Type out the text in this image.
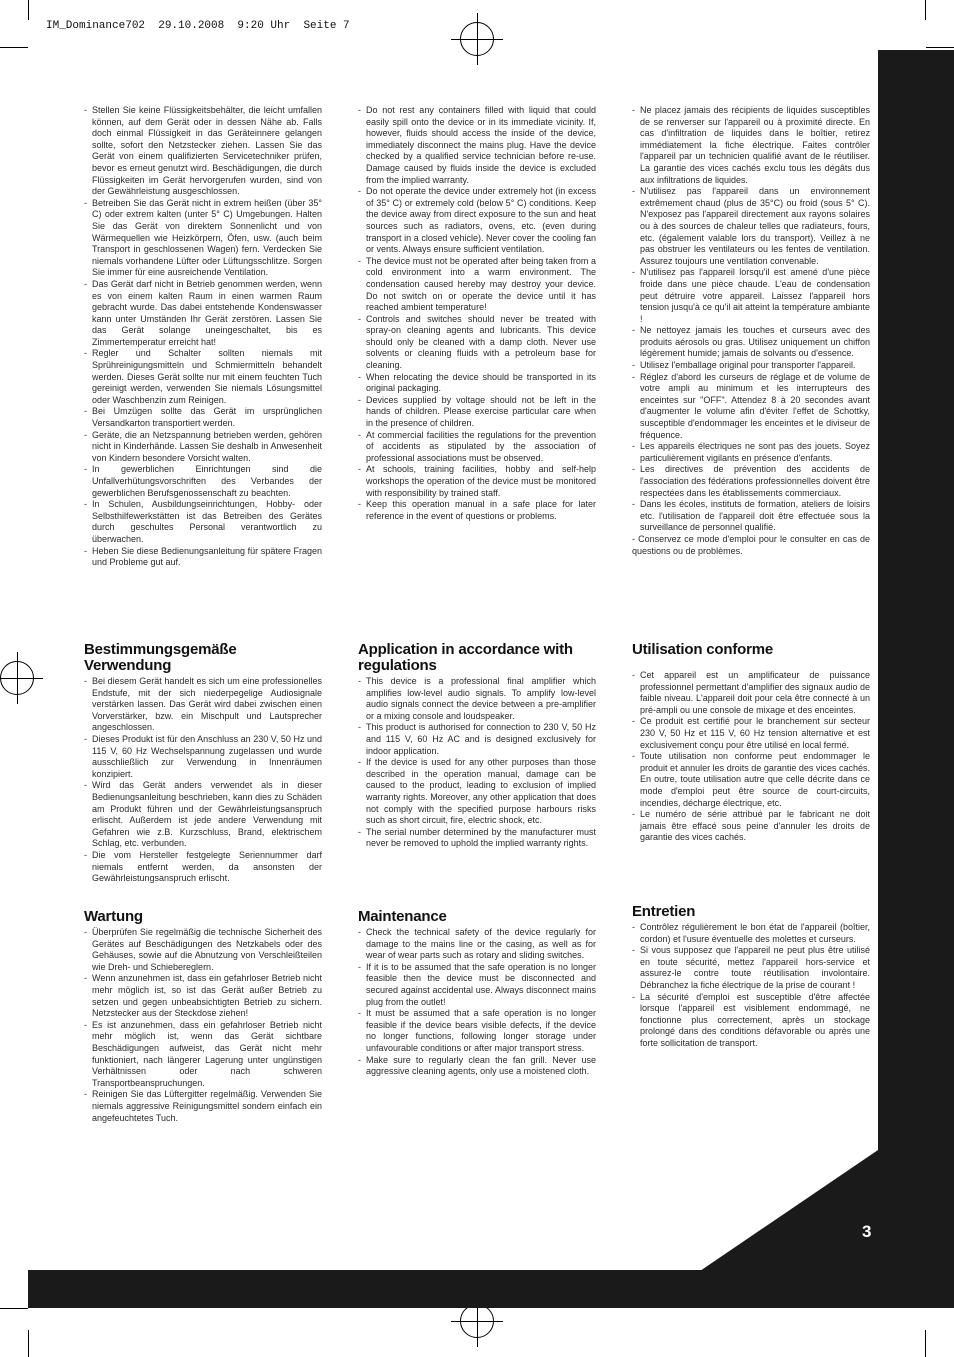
IM_Dominance702  29.10.2008  9:20 Uhr  Seite 7
3

- Stellen Sie keine Flüssigkeitsbehälter, die leicht umfallen können, auf dem Gerät oder in dessen Nähe ab. Falls doch einmal Flüssigkeit in das Geräteinnere gelangen sollte, sofort den Netzstecker ziehen. Lassen Sie das Gerät von einem qualifizierten Servicetechniker prüfen, bevor es erneut genutzt wird. Beschädigungen, die durch Flüssigkeiten im Gerät hervorgerufen wurden, sind von der Gewährleistung ausgeschlossen.

- Betreiben Sie das Gerät nicht in extrem heißen (über 35° C) oder extrem kalten (unter 5° C) Umgebungen. Halten Sie das Gerät von direktem Sonnenlicht und von Wärmequellen wie Heizkörpern, Öfen, usw. (auch beim Transport in geschlossenen Wagen) fern. Verdecken Sie niemals vorhandene Lüfter oder Lüftungsschlitze. Sorgen Sie immer für eine ausreichende Ventilation.

- Das Gerät darf nicht in Betrieb genommen werden, wenn es von einem kalten Raum in einen warmen Raum gebracht wurde. Das dabei entstehende Kondenswasser kann unter Umständen Ihr Gerät zerstören. Lassen Sie das Gerät solange uneingeschaltet, bis es Zimmertemperatur erreicht hat!

- Regler und Schalter sollten niemals mit Sprühreinigungsmitteln und Schmiermitteln behandelt werden. Dieses Gerät sollte nur mit einem feuchten Tuch gereinigt werden, verwenden Sie niemals Lösungsmittel oder Waschbenzin zum Reinigen.

- Bei Umzügen sollte das Gerät im ursprünglichen Versandkarton transportiert werden.

- Geräte, die an Netzspannung betrieben werden, gehören nicht in Kinderhände. Lassen Sie deshalb in Anwesenheit von Kindern besondere Vorsicht walten.

- In gewerblichen Einrichtungen sind die Unfallverhütungsvorschriften des Verbandes der gewerblichen Berufsgenossenschaft zu beachten.

- In Schulen, Ausbildungseinrichtungen, Hobby- oder Selbsthilfewerkstätten ist das Betreiben des Gerätes durch geschultes Personal verantwortlich zu überwachen.

- Heben Sie diese Bedienungsanleitung für spätere Fragen und Probleme gut auf.

Bestimmungsgemäße Verwendung

- Bei diesem Gerät handelt es sich um eine professionelles Endstufe, mit der sich niederpegelige Audiosignale verstärken lassen. Das Gerät wird dabei zwischen einen Vorverstärker, bzw. ein Mischpult und Lautsprecher angeschlossen.

- Dieses Produkt ist für den Anschluss an 230 V, 50 Hz und 115 V, 60 Hz Wechselspannung zugelassen und wurde ausschließlich zur Verwendung in Innenräumen konzipiert.

- Wird das Gerät anders verwendet als in dieser Bedienungsanleitung beschrieben, kann dies zu Schäden am Produkt führen und der Gewährleistungsanspruch erlischt. Außerdem ist jede andere Verwendung mit Gefahren wie z.B. Kurzschluss, Brand, elektrischem Schlag, etc. verbunden.

- Die vom Hersteller festgelegte Seriennummer darf niemals entfernt werden, da ansonsten der Gewährleistungsanspruch erlischt.

Wartung

- Überprüfen Sie regelmäßig die technische Sicherheit des Gerätes auf Beschädigungen des Netzkabels oder des Gehäuses, sowie auf die Abnutzung von Verschleißteilen wie Dreh- und Schieberеglern.

- Wenn anzunehmen ist, dass ein gefahrloser Betrieb nicht mehr möglich ist, so ist das Gerät außer Betrieb zu setzen und gegen unbeabsichtigten Betrieb zu sichern. Netzstecker aus der Steckdose ziehen!

- Es ist anzunehmen, dass ein gefahrloser Betrieb nicht mehr möglich ist, wenn das Gerät sichtbare Beschädigungen aufweist, das Gerät nicht mehr funktioniert, nach längerer Lagerung unter ungünstigen Verhältnissen oder nach schweren Transportbeanspruchungen.

- Reinigen Sie das Lüftergitter regelmäßig. Verwenden Sie niemals aggressive Reinigungsmittel sondern einfach ein angefeuchtetes Tuch.

- Do not rest any containers filled with liquid that could easily spill onto the device or in its immediate vicinity. If, however, fluids should access the inside of the device, immediately disconnect the mains plug. Have the device checked by a qualified service technician before re-use. Damage caused by fluids inside the device is excluded from the implied warranty.

- Do not operate the device under extremely hot (in excess of 35° C) or extremely cold (below 5° C) conditions. Keep the device away from direct exposure to the sun and heat sources such as radiators, ovens, etc. (even during transport in a closed vehicle). Never cover the cooling fan or vents. Always ensure sufficient ventilation.

- The device must not be operated after being taken from a cold environment into a warm environment. The condensation caused hereby may destroy your device. Do not switch on or operate the device until it has reached ambient temperature!

- Controls and switches should never be treated with spray-on cleaning agents and lubricants. This device should only be cleaned with a damp cloth. Never use solvents or cleaning fluids with a petroleum base for cleaning.

- When relocating the device should be transported in its original packaging.

- Devices supplied by voltage should not be left in the hands of children. Please exercise particular care when in the presence of children.

- At commercial facilities the regulations for the prevention of accidents as stipulated by the association of professional associations must be observed.

- At schools, training facilities, hobby and self-help workshops the operation of the device must be monitored with responsibility by trained staff.

- Keep this operation manual in a safe place for later reference in the event of questions or problems.

Application in accordance with regulations

- This device is a professional final amplifier which amplifies low-level audio signals. To amplify low-level audio signals connect the device between a pre-amplifier or a mixing console and loudspeaker.

- This product is authorised for connection to 230 V, 50 Hz and 115 V, 60 Hz AC and is designed exclusively for indoor application.

- If the device is used for any other purposes than those described in the operation manual, damage can be caused to the product, leading to exclusion of implied warranty rights. Moreover, any other application that does not comply with the specified purpose harbours risks such as short circuit, fire, electric shock, etc.

- The serial number determined by the manufacturer must never be removed to uphold the implied warranty rights.

Maintenance

- Check the technical safety of the device regularly for damage to the mains line or the casing, as well as for wear of wear parts such as rotary and sliding switches.

- If it is to be assumed that the safe operation is no longer feasible then the device must be disconnected and secured against accidental use. Always disconnect mains plug from the outlet!

- It must be assumed that a safe operation is no longer feasible if the device bears visible defects, if the device no longer functions, following longer storage under unfavourable conditions or after major transport stress.

- Make sure to regularly clean the fan grill. Never use aggressive cleaning agents, only use a moistened cloth.

- Ne placez jamais des récipients de liquides susceptibles de se renverser sur l'appareil ou à proximité directe. En cas d'infiltration de liquides dans le boîtier, retirez immédiatement la fiche électrique. Faites contrôler l'appareil par un technicien qualifié avant de le réutiliser. La garantie des vices cachés exclu tous les dégâts dus aux infiltrations de liquides.

- N'utilisez pas l'appareil dans un environnement extrêmement chaud (plus de 35°C) ou froid (sous 5° C). N'exposez pas l'appareil directement aux rayons solaires ou à des sources de chaleur telles que radiateurs, fours, etc. (également valable lors du transport). Veillez à ne pas obstruer les ventilateurs ou les fentes de ventilation. Assurez toujours une ventilation convenable.

- N'utilisez pas l'appareil lorsqu'il est amené d'une pièce froide dans une pièce chaude. L'eau de condensation peut détruire votre appareil. Laissez l'appareil hors tension jusqu'à ce qu'il ait atteint la température ambiante !

- Ne nettoyez jamais les touches et curseurs avec des produits aérosols ou gras. Utilisez uniquement un chiffon légèrement humide; jamais de solvants ou d'essence.

- Utilisez l'emballage original pour transporter l'appareil.

- Réglez d'abord les curseurs de réglage et de volume de votre ampli au minimum et les interrupteurs des enceintes sur "OFF". Attendez 8 à 20 secondes avant d'augmenter le volume afin d'éviter l'effet de Schottky, susceptible d'endommager les enceintes et le diviseur de fréquence.

- Les appareils électriques ne sont pas des jouets. Soyez particulièrement vigilants en présence d'enfants.

- Les directives de prévention des accidents de l'association des fédérations professionnelles doivent être respectées dans les établissements commerciaux.

- Dans les écoles, instituts de formation, ateliers de loisirs etc. l'utilisation de l'appareil doit être effectuée sous la surveillance de personnel qualifié.

- Conservez ce mode d'emploi pour le consulter en cas de questions ou de problèmes.

Utilisation conforme

- Cet appareil est un amplificateur de puissance professionnel permettant d'amplifier des signaux audio de faible niveau. L'appareil doit pour cela être connecté à un pré-ampli ou une console de mixage et des enceintes.

- Ce produit est certifié pour le branchement sur secteur 230 V, 50 Hz et 115 V, 60 Hz tension alternative et est exclusivement conçu pour être utilisé en local fermé.

- Toute utilisation non conforme peut endommager le produit et annuler les droits de garantie des vices cachés. En outre, toute utilisation autre que celle décrite dans ce mode d'emploi peut être source de court-circuits, incendies, décharge électrique, etc.

- Le numéro de série attribué par le fabricant ne doit jamais être effacé sous peine d'annuler les droits de garantie des vices cachés.

Entretien

- Contrôlez régulièrement le bon état de l'appareil (boîtier, cordon) et l'usure éventuelle des molettes et curseurs.

- Si vous supposez que l'appareil ne peut plus être utilisé en toute sécurité, mettez l'appareil hors-service et assurez-le contre toute réutilisation involontaire. Débranchez la fiche électrique de la prise de courant !

- La sécurité d'emploi est susceptible d'être affectée lorsque l'appareil est visiblement endommagé, ne fonctionne plus correctement, après un stockage prolongé dans des conditions défavorable ou après une forte sollicitation de transport.
